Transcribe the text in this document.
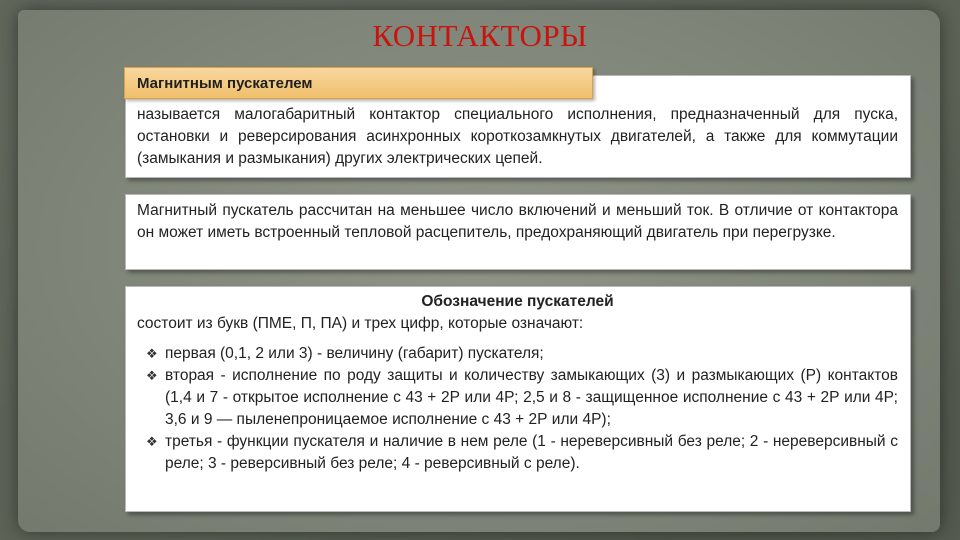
КОНТАКТОРЫ
называется малогабаритный контактор специального исполнения, предназначенный для пуска, остановки и реверсирования асинхронных короткозамкнутых двигателей, а также для коммутации (замыкания и размыкания) других электрических цепей.
Магнитным пускателем
Магнитный пускатель рассчитан на меньшее число включений и меньший ток. В отличие от контактора он может иметь встроенный тепловой расцепитель, предохраняющий двигатель при перегрузке.
Обозначение пускателей
состоит из букв (ПМЕ, П, ПА) и трех цифр, которые означают:
❖ первая (0,1, 2 или 3) - величину (габарит) пускателя;
❖ вторая - исполнение по роду защиты и количеству замыкающих (3) и размыкающих (Р) контактов (1,4 и 7 - открытое исполнение с 43 + 2Р или 4Р; 2,5 и 8 - защищенное исполнение с 43 + 2Р или 4Р; 3,6 и 9 — пыленепроницаемое исполнение с 43 + 2Р или 4Р);
❖ третья - функции пускателя и наличие в нем реле (1 - нереверсивный без реле; 2 - нереверсивный с реле; 3 - реверсивный без реле; 4 - реверсивный с реле).
